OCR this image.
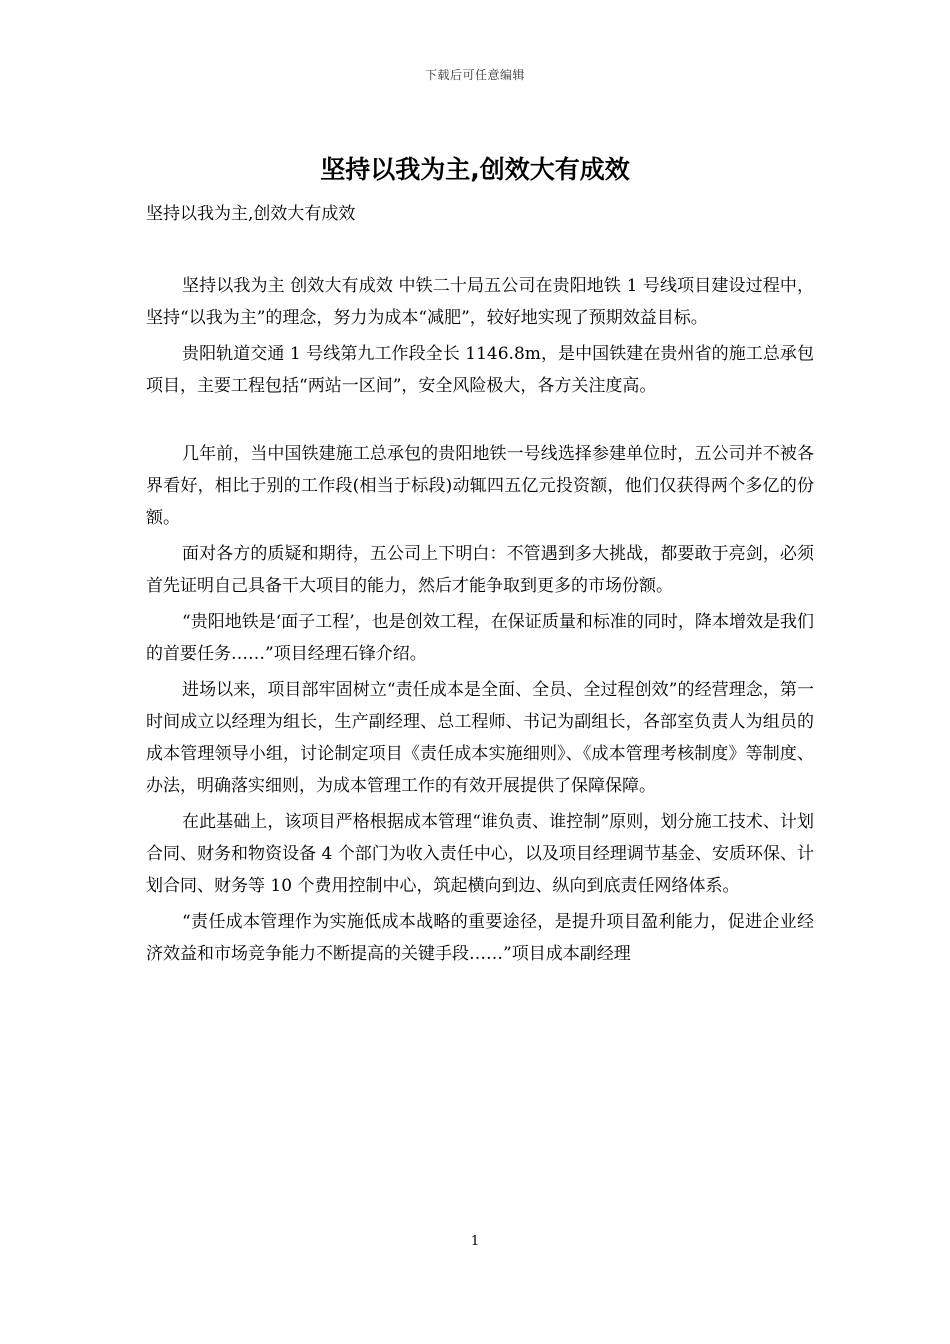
下载后可任意编辑
坚持以我为主,创效大有成效
坚持以我为主,创效大有成效

坚持以我为主 创效大有成效 中铁二十局五公司在贵阳地铁 1 号线项目建设过程中，坚持“以我为主”的理念，努力为成本“减肥”，较好地实现了预期效益目标。

贵阳轨道交通 1 号线第九工作段全长 1146.8m，是中国铁建在贵州省的施工总承包项目，主要工程包括“两站一区间”，安全风险极大，各方关注度高。

几年前，当中国铁建施工总承包的贵阳地铁一号线选择参建单位时，五公司并不被各界看好，相比于别的工作段(相当于标段)动辄四五亿元投资额，他们仅获得两个多亿的份额。

面对各方的质疑和期待，五公司上下明白：不管遇到多大挑战，都要敢于亮剑，必须首先证明自己具备干大项目的能力，然后才能争取到更多的市场份额。

“贵阳地铁是‘面子工程’，也是创效工程，在保证质量和标准的同时，降本增效是我们的首要任务……”项目经理石锋介绍。

进场以来，项目部牢固树立“责任成本是全面、全员、全过程创效”的经营理念，第一时间成立以经理为组长，生产副经理、总工程师、书记为副组长，各部室负责人为组员的成本管理领导小组，讨论制定项目《责任成本实施细则》、《成本管理考核制度》等制度、办法，明确落实细则，为成本管理工作的有效开展提供了保障保障。

在此基础上，该项目严格根据成本管理“谁负责、谁控制”原则，划分施工技术、计划合同、财务和物资设备 4 个部门为收入责任中心，以及项目经理调节基金、安质环保、计划合同、财务等 10 个费用控制中心，筑起横向到边、纵向到底责任网络体系。

“责任成本管理作为实施低成本战略的重要途径，是提升项目盈利能力，促进企业经济效益和市场竞争能力不断提高的关键手段……”项目成本副经理

1
